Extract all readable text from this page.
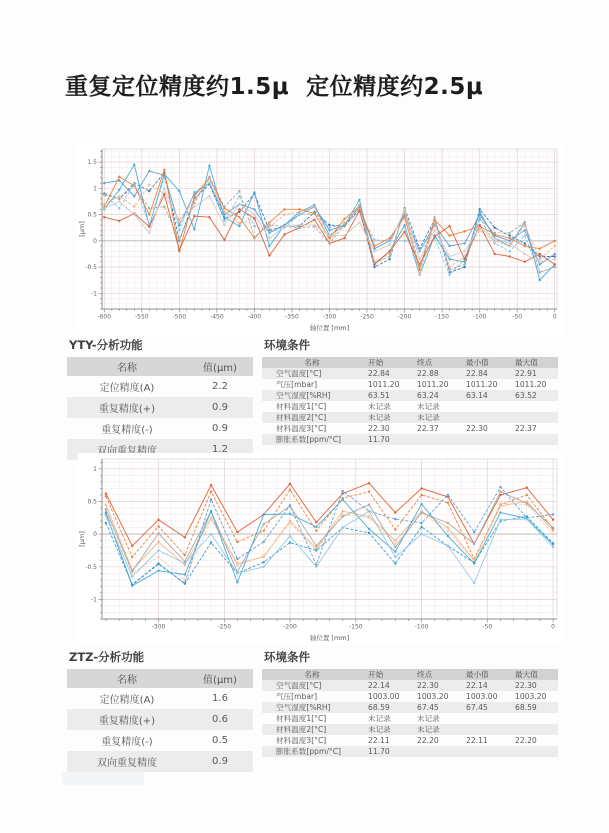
重复定位精度约1.5μ  定位精度约2.5μ
-600	-550	-500	-450	-400	-350	-300	-250	-200	-150	-100	-50	0
-1
-0.5
0
0.5
1
1.5
轴位置 [mm]
[μm]
YTY-分析功能
名称	值(μm)
定位精度(A)	2.2
重复精度(+)	0.9
重复精度(-)	0.9
双向重复精度	1.2
环境条件
名称	开始	终点	最小值	最大值
空气温度[°C]	22.84	22.88	22.84	22.91
气压[mbar]	1011.20	1011.20	1011.20	1011.20
空气湿度[%RH]	63.51	63.24	63.14	63.52
材料温度1[°C]	未记录	未记录		
材料温度2[°C]	未记录	未记录		
材料温度3[°C]	22.30	22.37	22.30	22.37
膨胀系数[ppm/°C]	11.70			
-300	-250	-200	-150	-100	-50	0
-1
-0.5
0
0.5
1
轴位置 [mm]
[μm]
ZTZ-分析功能
名称	值(μm)
定位精度(A)	1.6
重复精度(+)	0.6
重复精度(-)	0.5
双向重复精度	0.9
环境条件
名称	开始	终点	最小值	最大值
空气温度[°C]	22.14	22.30	22.14	22.30
气压[mbar]	1003.00	1003.20	1003.00	1003.20
空气湿度[%RH]	68.59	67.45	67.45	68.59
材料温度1[°C]	未记录	未记录		
材料温度2[°C]	未记录	未记录		
材料温度3[°C]	22.11	22.20	22.11	22.20
膨胀系数[ppm/°C]	11.70			
